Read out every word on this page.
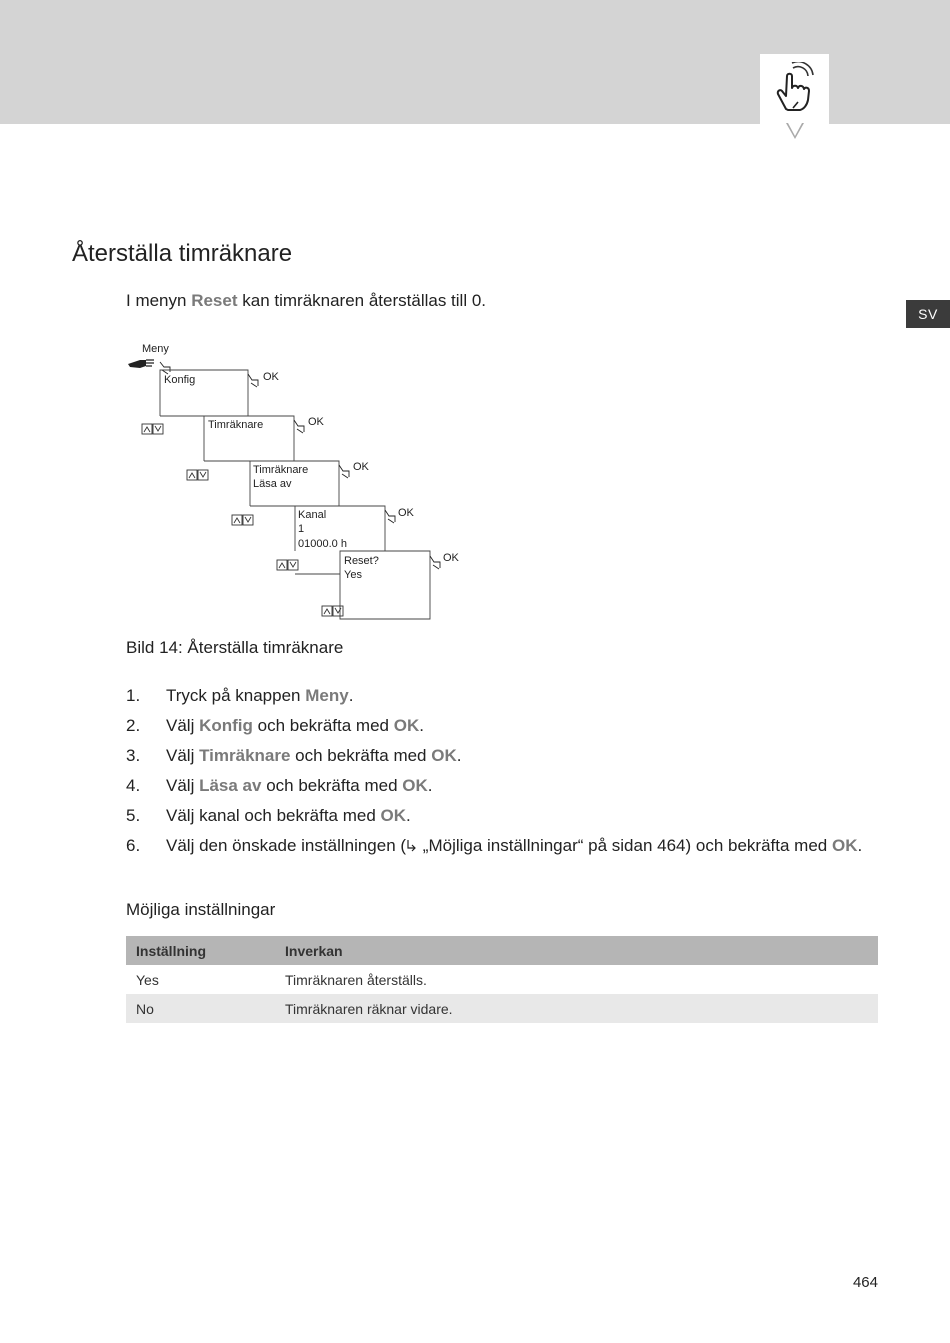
SV
Återställa timräknare
I menyn Reset kan timräknaren återställas till 0.
Meny
Konfig
Timräknare
Timräknare
Läsa av
Kanal
1
01000.0 h
Reset?
Yes
OK
OK
OK
OK
OK
Bild 14: Återställa timräknare
1.	Tryck på knappen Meny.
2.	Välj Konfig och bekräfta med OK.
3.	Välj Timräknare och bekräfta med OK.
4.	Välj Läsa av och bekräfta med OK.
5.	Välj kanal och bekräfta med OK.
6.	Välj den önskade inställningen ( „Möjliga inställningar“ på sidan 464) och bekräfta med OK.
Möjliga inställningar
Inställning	Inverkan
Yes	Timräknaren återställs.
No	Timräknaren räknar vidare.
464
